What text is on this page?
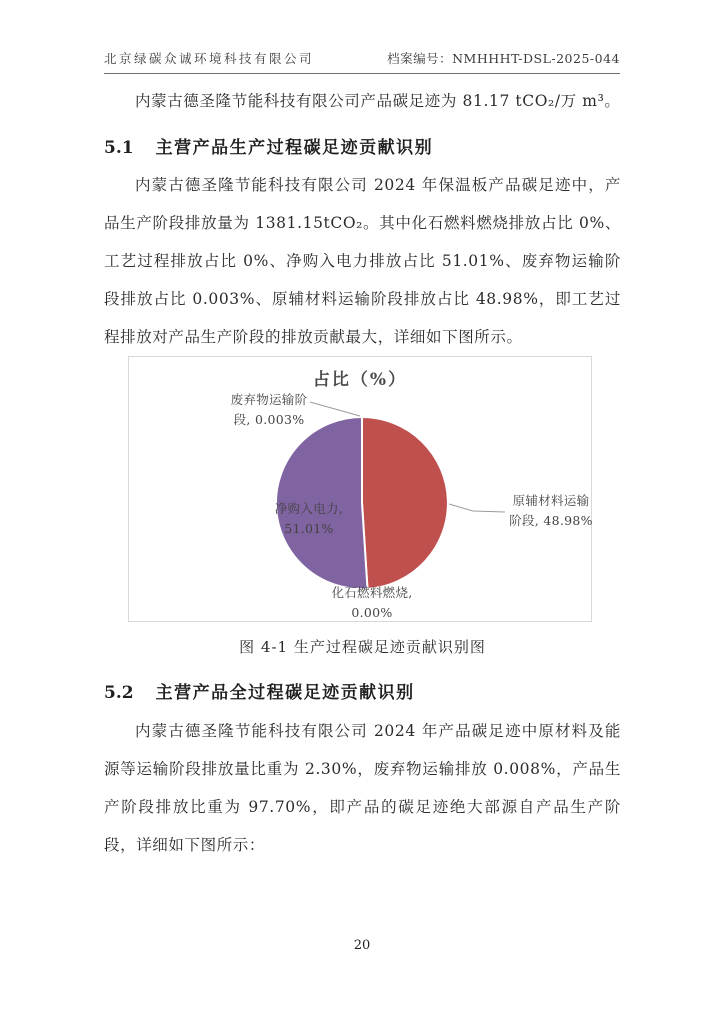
北京绿碳众诚环境科技有限公司	档案编号：NMHHHT-DSL-2025-044
内蒙古德圣隆节能科技有限公司产品碳足迹为 81.17 tCO₂/万 m³。
5.1 主营产品生产过程碳足迹贡献识别
内蒙古德圣隆节能科技有限公司 2024 年保温板产品碳足迹中，产品生产阶段排放量为 1381.15tCO₂。其中化石燃料燃烧排放占比 0%、工艺过程排放占比 0%、净购入电力排放占比 51.01%、废弃物运输阶段排放占比 0.003%、原辅材料运输阶段排放占比 48.98%，即工艺过程排放对产品生产阶段的排放贡献最大，详细如下图所示。
占比（%）
废弃物运输阶
段, 0.003%
净购入电力,
51.01%
原辅材料运输
阶段, 48.98%
化石燃料燃烧,
0.00%
图 4-1 生产过程碳足迹贡献识别图
5.2 主营产品全过程碳足迹贡献识别
内蒙古德圣隆节能科技有限公司 2024 年产品碳足迹中原材料及能源等运输阶段排放量比重为 2.30%，废弃物运输排放 0.008%，产品生产阶段排放比重为 97.70%，即产品的碳足迹绝大部源自产品生产阶段，详细如下图所示：
20
